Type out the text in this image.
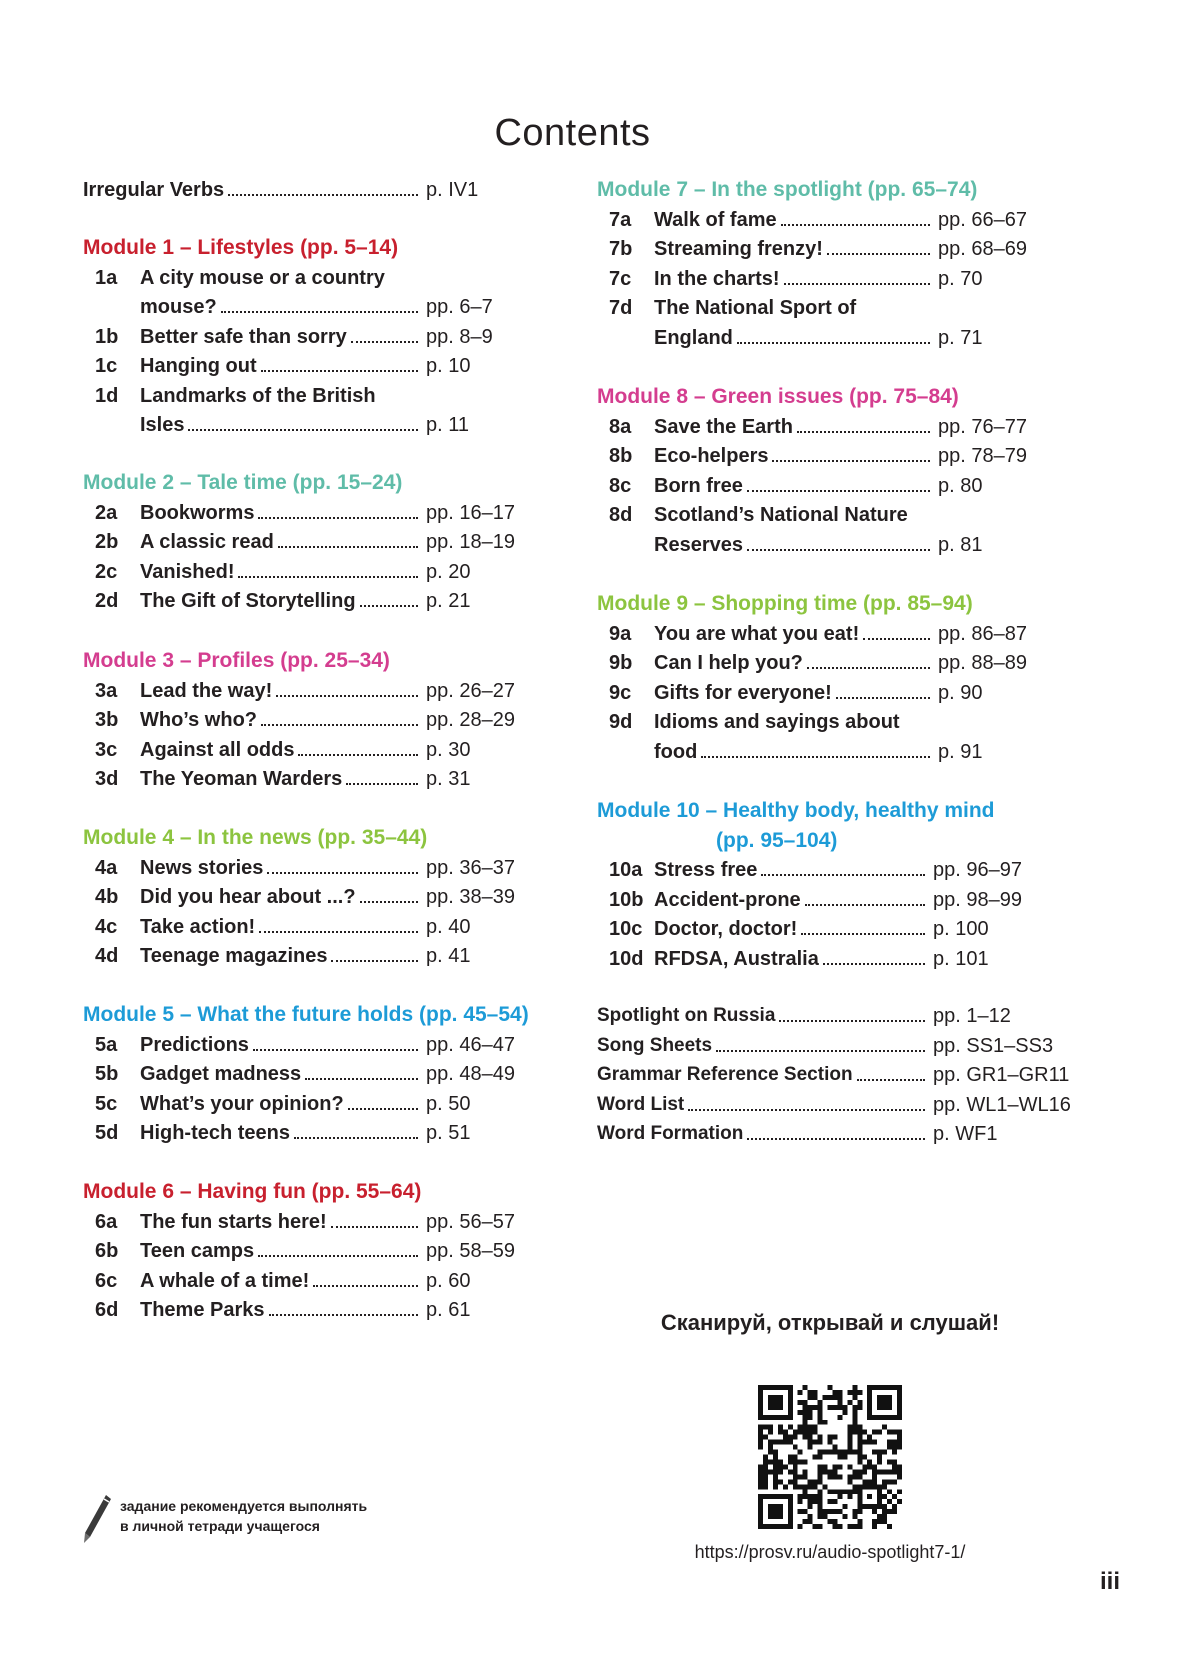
Contents
Irregular Verbs	p. IV1
Module 1 – Lifestyles (pp. 5–14)
1a A city mouse or a country
mouse?	pp. 6–7
1b Better safe than sorry	pp. 8–9
1c Hanging out	p. 10
1d Landmarks of the British
Isles	p. 11
Module 2 – Tale time (pp. 15–24)
2a Bookworms	pp. 16–17
2b A classic read	pp. 18–19
2c Vanished!	p. 20
2d The Gift of Storytelling	p. 21
Module 3 – Profiles (pp. 25–34)
3a Lead the way!	pp. 26–27
3b Who’s who?	pp. 28–29
3c Against all odds	p. 30
3d The Yeoman Warders	p. 31
Module 4 – In the news (pp. 35–44)
4a News stories	pp. 36–37
4b Did you hear about ...?	pp. 38–39
4c Take action!	p. 40
4d Teenage magazines	p. 41
Module 5 – What the future holds (pp. 45–54)
5a Predictions	pp. 46–47
5b Gadget madness	pp. 48–49
5c What’s your opinion?	p. 50
5d High-tech teens	p. 51
Module 6 – Having fun (pp. 55–64)
6a The fun starts here!	pp. 56–57
6b Teen camps	pp. 58–59
6c A whale of a time!	p. 60
6d Theme Parks	p. 61
Module 7 – In the spotlight (pp. 65–74)
7a Walk of fame	pp. 66–67
7b Streaming frenzy!	pp. 68–69
7c In the charts!	p. 70
7d The National Sport of
England	p. 71
Module 8 – Green issues (pp. 75–84)
8a Save the Earth	pp. 76–77
8b Eco-helpers	pp. 78–79
8c Born free	p. 80
8d Scotland’s National Nature
Reserves	p. 81
Module 9 – Shopping time (pp. 85–94)
9a You are what you eat!	pp. 86–87
9b Can I help you?	pp. 88–89
9c Gifts for everyone!	p. 90
9d Idioms and sayings about
food	p. 91
Module 10 – Healthy body, healthy mind
(pp. 95–104)
10a Stress free	pp. 96–97
10b Accident-prone	pp. 98–99
10c Doctor, doctor!	p. 100
10d RFDSA, Australia	p. 101
Spotlight on Russia	pp. 1–12
Song Sheets	pp. SS1–SS3
Grammar Reference Section	pp. GR1–GR11
Word List	pp. WL1–WL16
Word Formation	p. WF1
Сканируй, открывай и слушай!
https://prosv.ru/audio-spotlight7-1/
задание рекомендуется выполнять
в личной тетради учащегося
iii
